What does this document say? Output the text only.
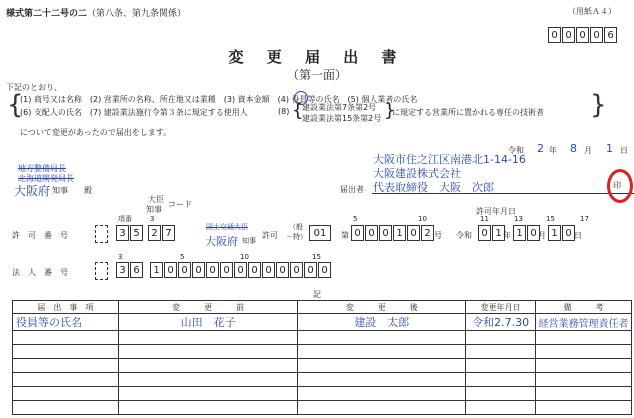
様式第二十二号の二（第八条、第九条関係）	（用紙Ａ４）
0 0 0 0 6
変 更 届 出 書
（第一面）
下記のとおり、
{
(1) 商号又は名称　(2) 営業所の名称、所在地又は業種　(3) 資本金額　(4) 役員等の氏名　(5) 個人業者の氏名
(6) 支配人の氏名　(7) 建設業法施行令第３条に規定する使用人	(8) {
建設業法第7条第2号
建設業法第15条第2号 }
に規定する営業所に置かれる専任の技術者 }
について変更があったので届出をします。
令和 2 年 8 月 1 日
地方整備局長
北海道開発局長
大阪府 知事 殿	届出者
大阪市住之江区南港北1-14-16
大阪建設株式会社
代表取締役　大阪　次郎	印
大臣
コード
知事
項番	3
許　可　番　号	3 5	2 7
国土交通大臣
大阪府 知事
許可
（般－特） 01	第
5	10
0 0 0 1 0 2 号
許可年月日
令和
11	13	15	17
0 1 年 1 0 月 1 0 日
法　人　番　号
3	5	10	15
3 6	1 0 0 0 0 0 0 0 0 0 0 0 0
記
届　出　事　項	変　　　更　　　前	変　　　更　　　後	変更年月日	備　　　考
役員等の氏名	山田　花子	建設　太郎	令和2.7.30	経営業務管理責任者
